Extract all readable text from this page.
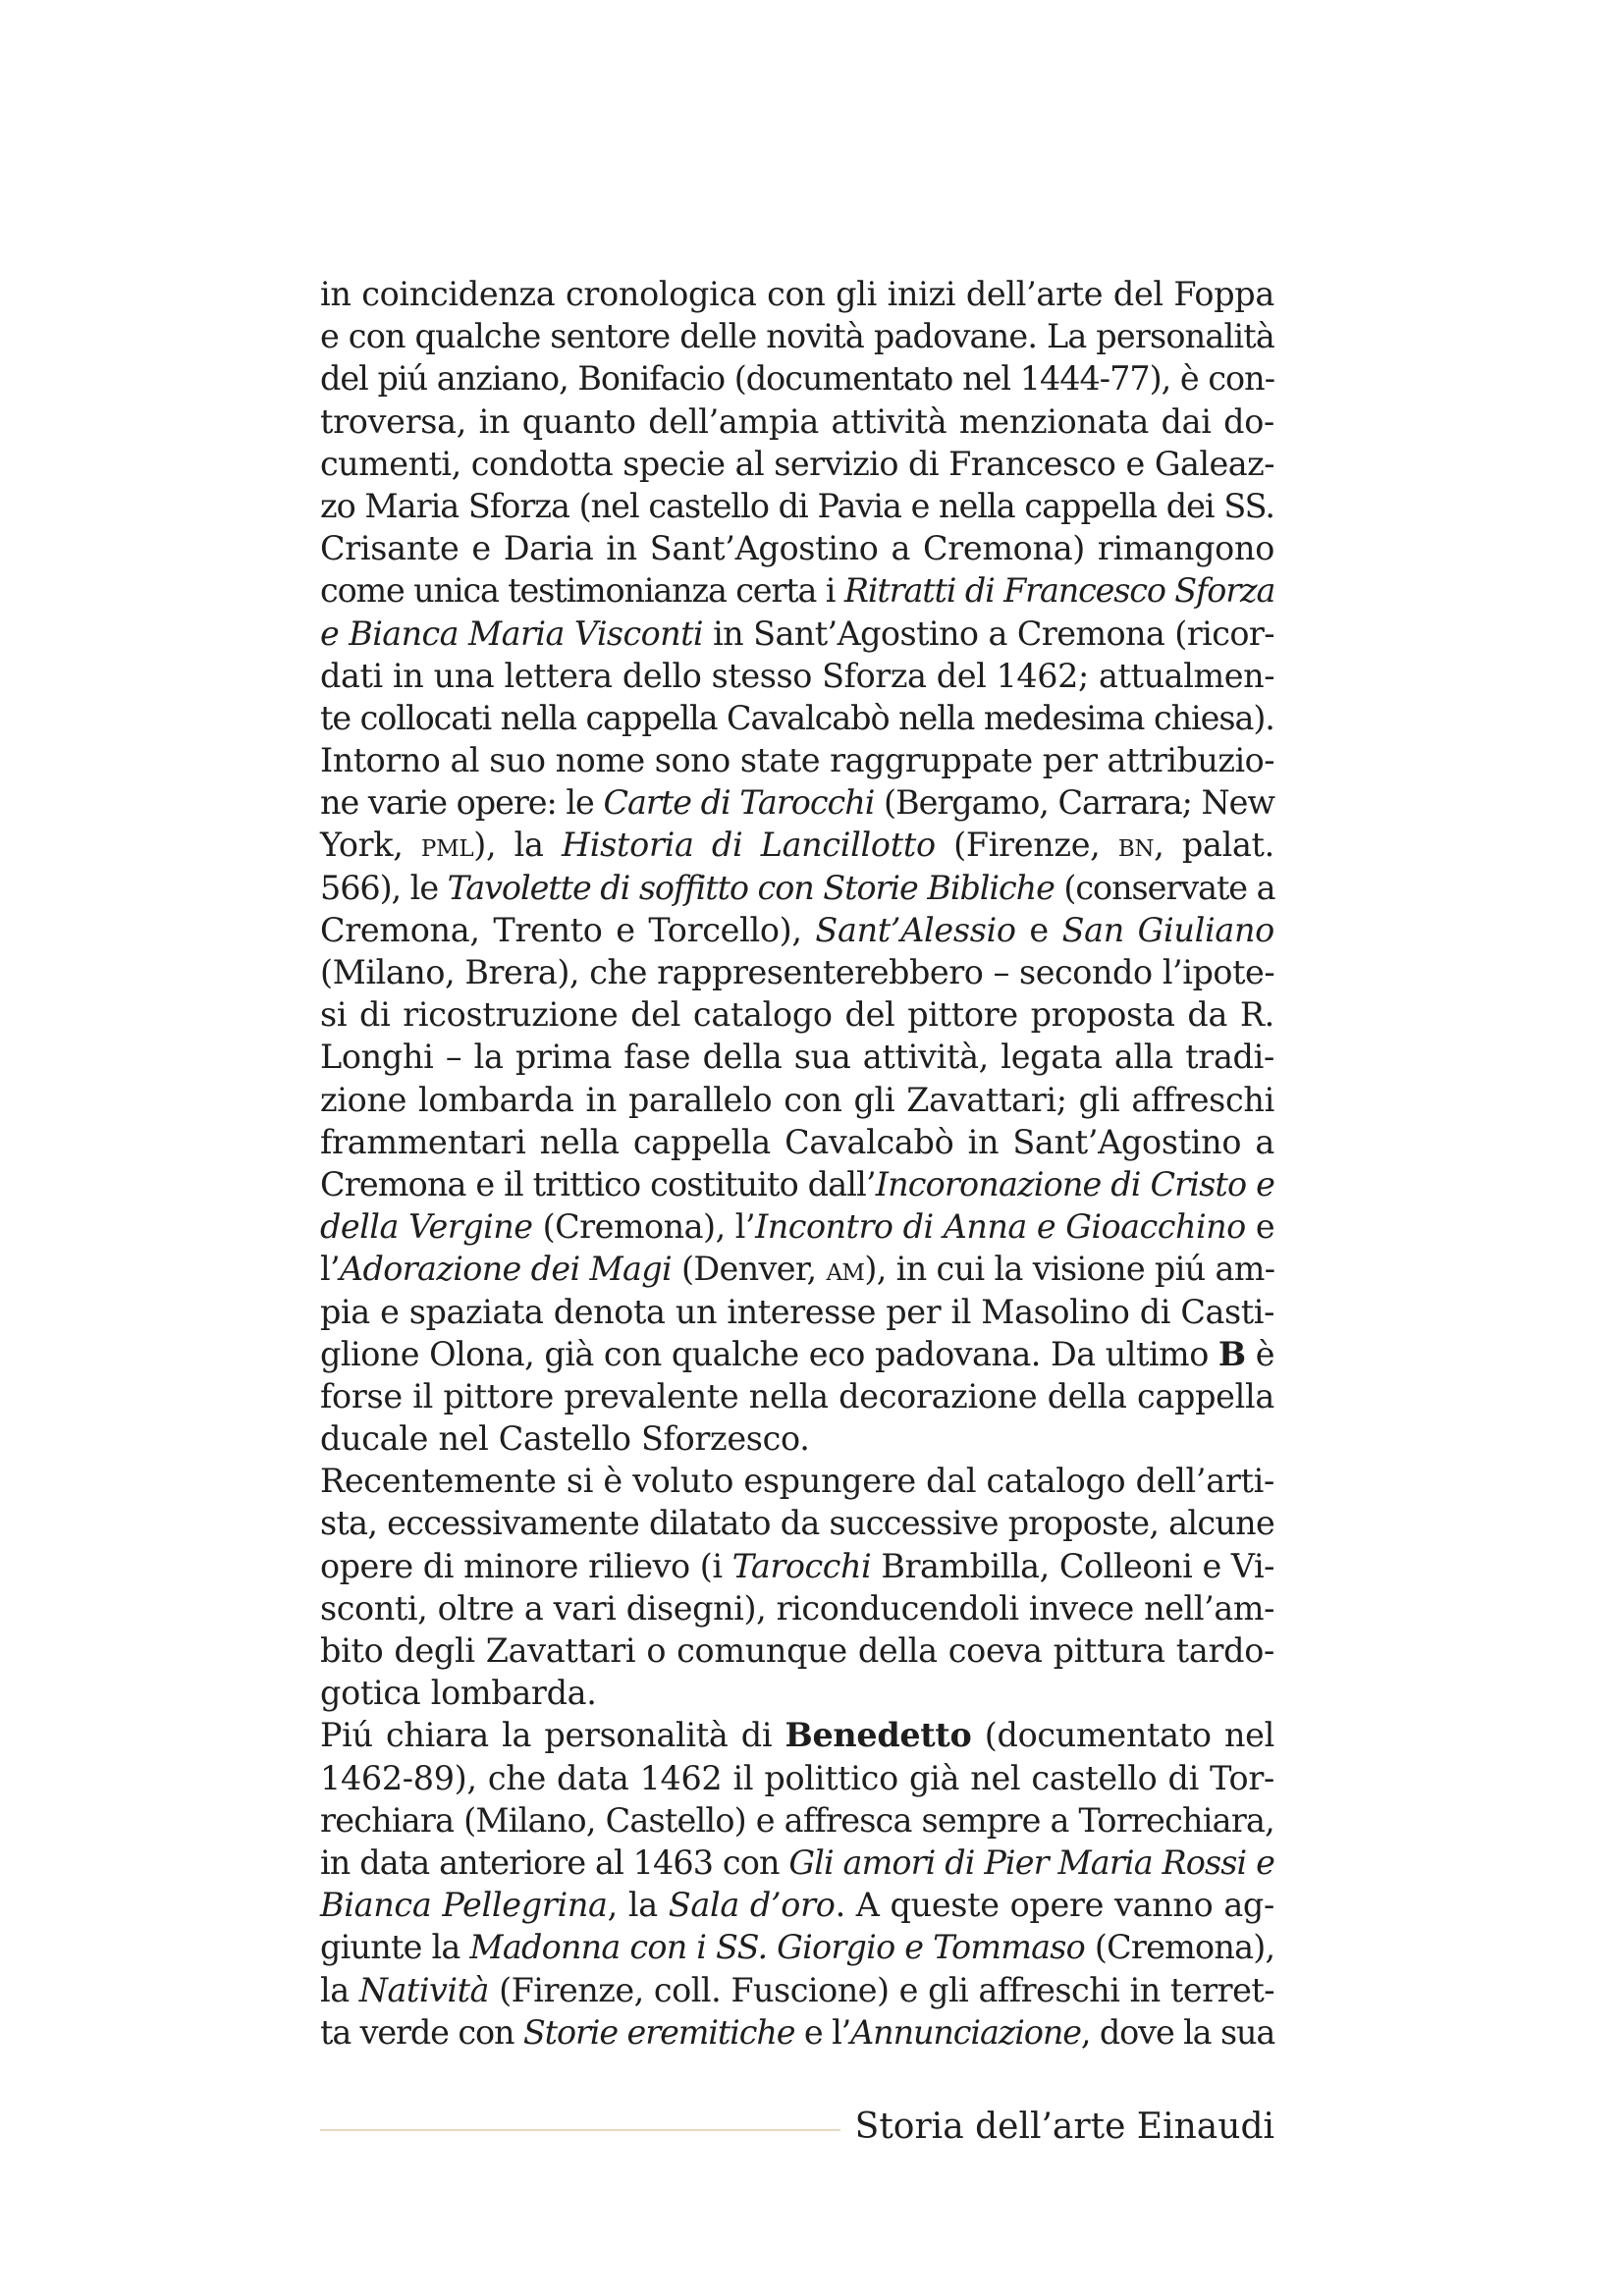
in coincidenza cronologica con gli inizi dell’arte del Foppa
e con qualche sentore delle novità padovane. La personalità
del piú anziano, Bonifacio (documentato nel 1444-77), è con-
troversa, in quanto dell’ampia attività menzionata dai do-
cumenti, condotta specie al servizio di Francesco e Galeaz-
zo Maria Sforza (nel castello di Pavia e nella cappella dei SS.
Crisante e Daria in Sant’Agostino a Cremona) rimangono
come unica testimonianza certa i Ritratti di Francesco Sforza
e Bianca Maria Visconti in Sant’Agostino a Cremona (ricor-
dati in una lettera dello stesso Sforza del 1462; attualmen-
te collocati nella cappella Cavalcabò nella medesima chiesa).
Intorno al suo nome sono state raggruppate per attribuzio-
ne varie opere: le Carte di Tarocchi (Bergamo, Carrara; New
York, pml), la Historia di Lancillotto (Firenze, bn, palat.
566), le Tavolette di soffitto con Storie Bibliche (conservate a
Cremona, Trento e Torcello), Sant’Alessio e San Giuliano
(Milano, Brera), che rappresenterebbero – secondo l’ipote-
si di ricostruzione del catalogo del pittore proposta da R.
Longhi – la prima fase della sua attività, legata alla tradi-
zione lombarda in parallelo con gli Zavattari; gli affreschi
frammentari nella cappella Cavalcabò in Sant’Agostino a
Cremona e il trittico costituito dall’Incoronazione di Cristo e
della Vergine (Cremona), l’Incontro di Anna e Gioacchino e
l’Adorazione dei Magi (Denver, am), in cui la visione piú am-
pia e spaziata denota un interesse per il Masolino di Casti-
glione Olona, già con qualche eco padovana. Da ultimo B è
forse il pittore prevalente nella decorazione della cappella
ducale nel Castello Sforzesco.
Recentemente si è voluto espungere dal catalogo dell’arti-
sta, eccessivamente dilatato da successive proposte, alcune
opere di minore rilievo (i Tarocchi Brambilla, Colleoni e Vi-
sconti, oltre a vari disegni), riconducendoli invece nell’am-
bito degli Zavattari o comunque della coeva pittura tardo-
gotica lombarda.
Piú chiara la personalità di Benedetto (documentato nel
1462-89), che data 1462 il polittico già nel castello di Tor-
rechiara (Milano, Castello) e affresca sempre a Torrechiara,
in data anteriore al 1463 con Gli amori di Pier Maria Rossi e
Bianca Pellegrina, la Sala d’oro. A queste opere vanno ag-
giunte la Madonna con i SS. Giorgio e Tommaso (Cremona),
la Natività (Firenze, coll. Fuscione) e gli affreschi in terret-
ta verde con Storie eremitiche e l’Annunciazione, dove la sua
Storia dell’arte Einaudi
